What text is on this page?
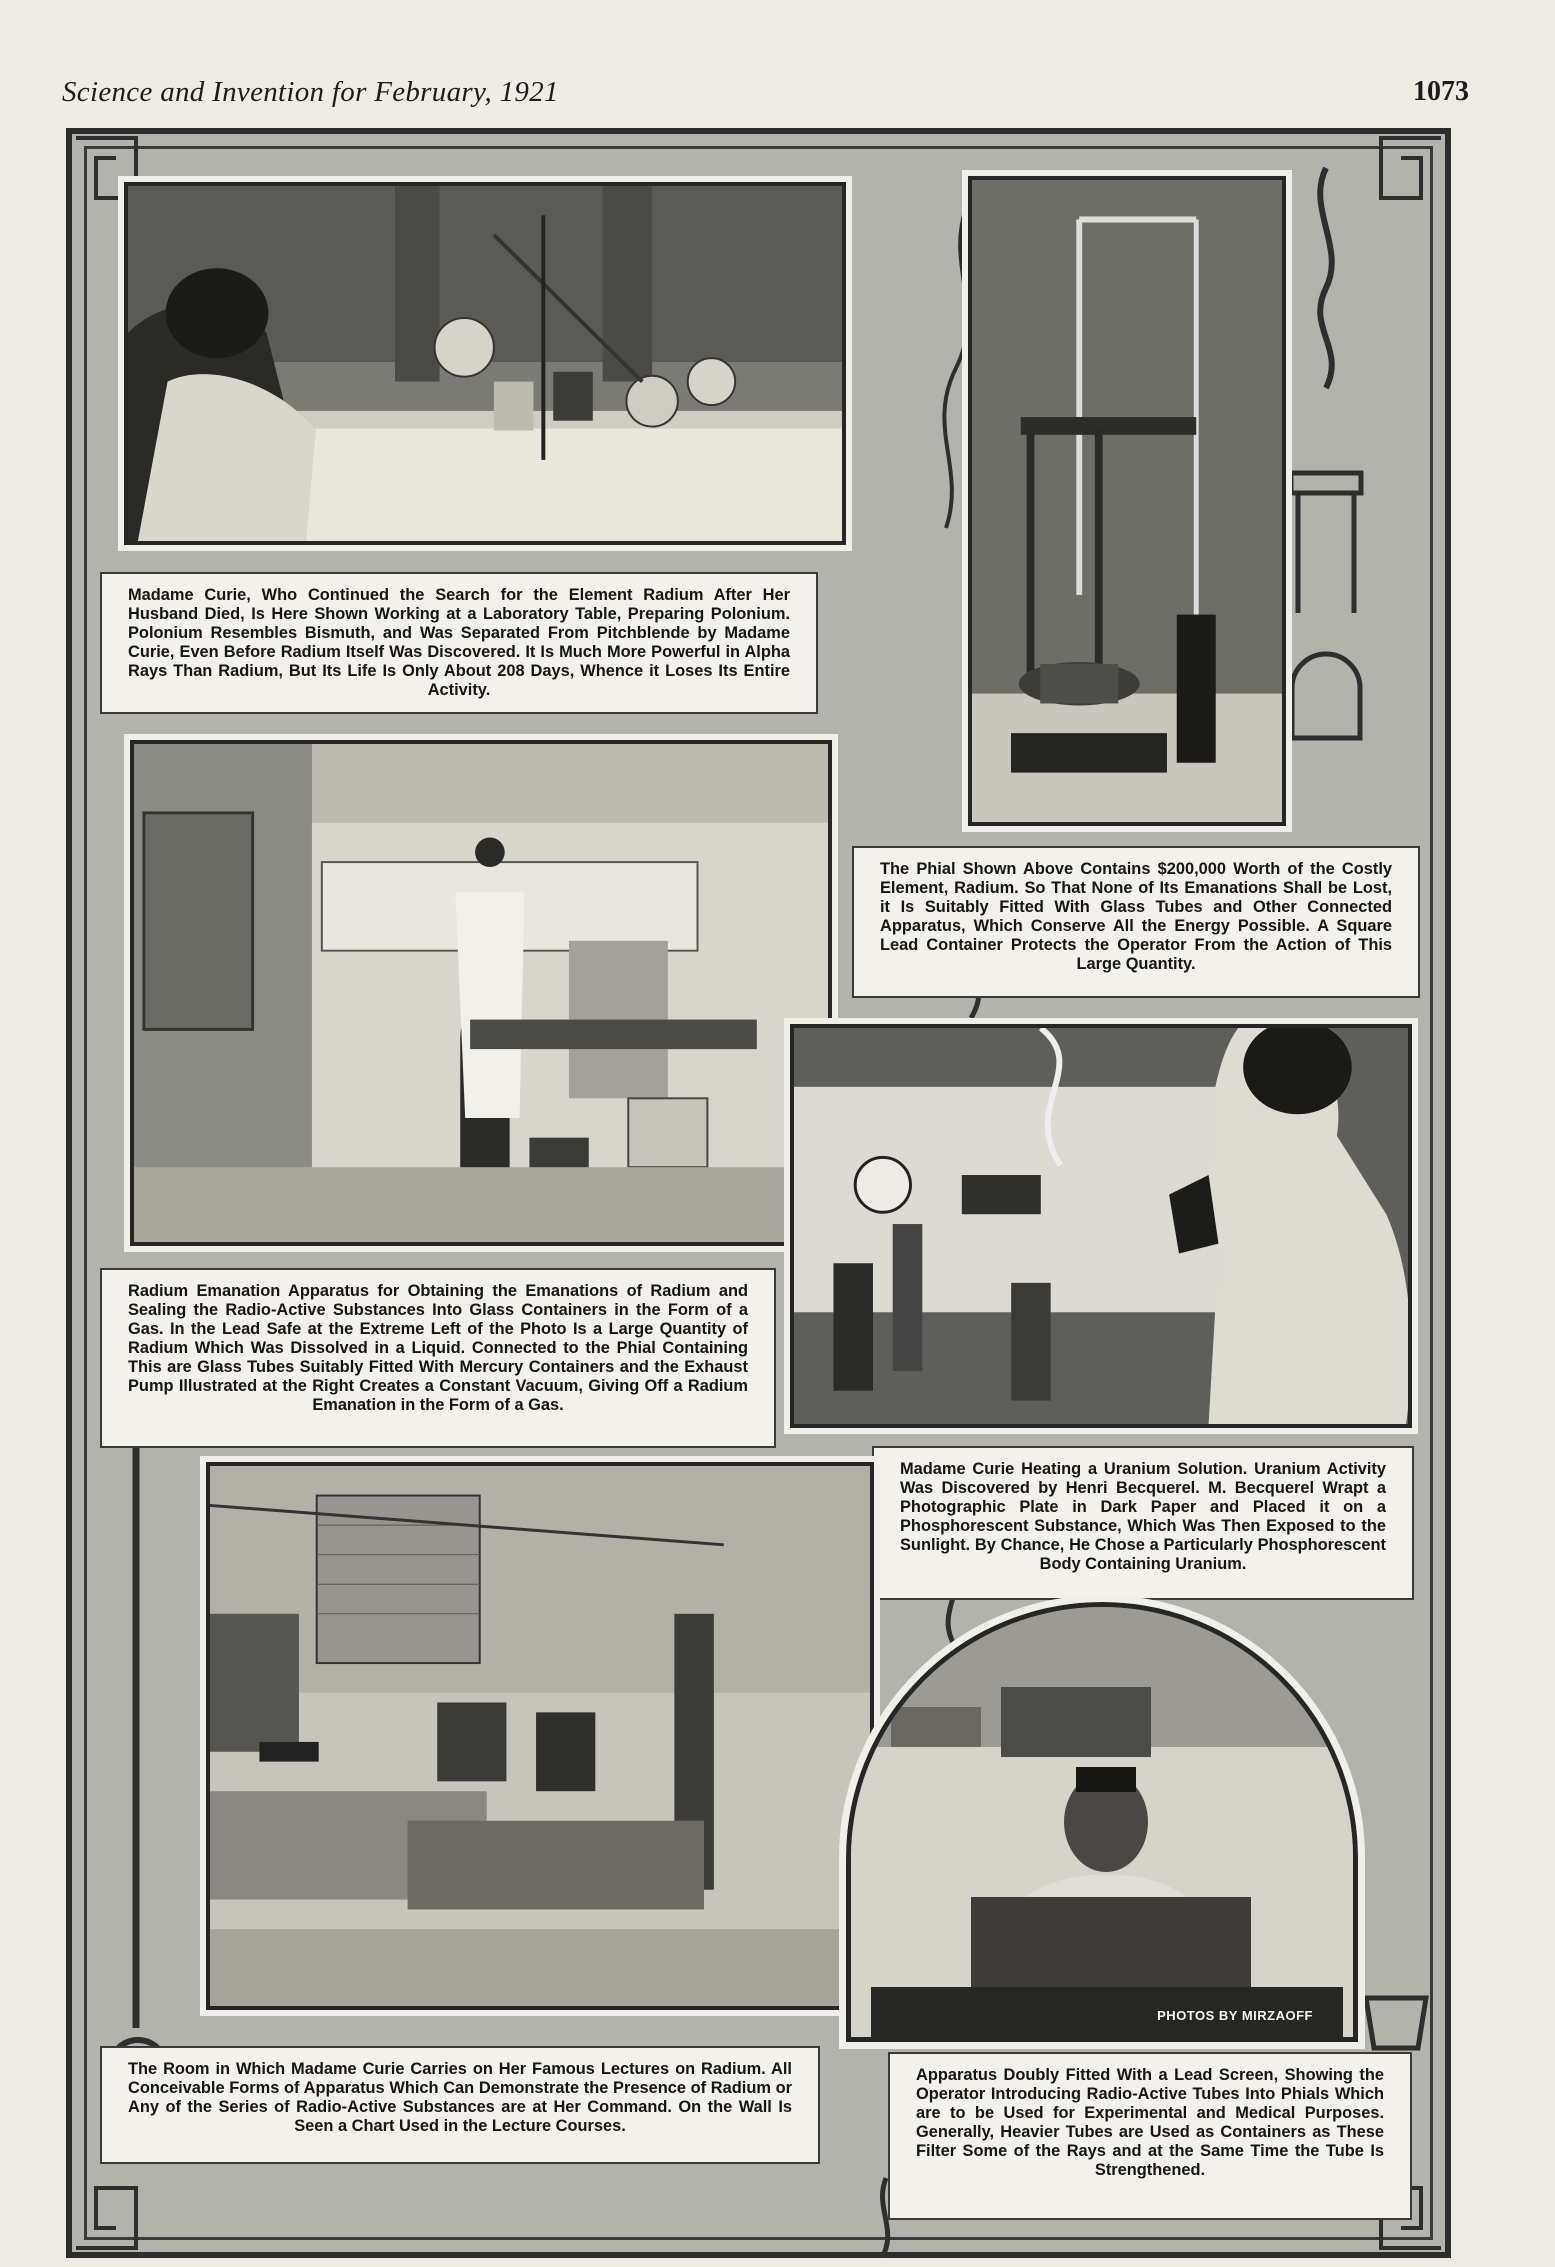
Science and Invention for February, 1921	1073
Madame Curie, Who Continued the Search for the Element Radium After Her Husband Died, Is Here Shown Working at a Laboratory Table, Preparing Polonium. Polonium Resembles Bismuth, and Was Separated From Pitchblende by Madame Curie, Even Before Radium Itself Was Discovered. It Is Much More Powerful in Alpha Rays Than Radium, But Its Life Is Only About 208 Days, Whence it Loses Its Entire Activity.
The Phial Shown Above Contains $200,000 Worth of the Costly Element, Radium. So That None of Its Emanations Shall be Lost, it Is Suitably Fitted With Glass Tubes and Other Connected Apparatus, Which Conserve All the Energy Possible. A Square Lead Container Protects the Operator From the Action of This Large Quantity.
Radium Emanation Apparatus for Obtaining the Emanations of Radium and Sealing the Radio-Active Substances Into Glass Containers in the Form of a Gas. In the Lead Safe at the Extreme Left of the Photo Is a Large Quantity of Radium Which Was Dissolved in a Liquid. Connected to the Phial Containing This are Glass Tubes Suitably Fitted With Mercury Containers and the Exhaust Pump Illustrated at the Right Creates a Constant Vacuum, Giving Off a Radium Emanation in the Form of a Gas.
Madame Curie Heating a Uranium Solution. Uranium Activity Was Discovered by Henri Becquerel. M. Becquerel Wrapt a Photographic Plate in Dark Paper and Placed it on a Phosphorescent Substance, Which Was Then Exposed to the Sunlight. By Chance, He Chose a Particularly Phosphorescent Body Containing Uranium.
PHOTOS BY MIRZAOFF
The Room in Which Madame Curie Carries on Her Famous Lectures on Radium. All Conceivable Forms of Apparatus Which Can Demonstrate the Presence of Radium or Any of the Series of Radio-Active Substances are at Her Command. On the Wall Is Seen a Chart Used in the Lecture Courses.
Apparatus Doubly Fitted With a Lead Screen, Showing the Operator Introducing Radio-Active Tubes Into Phials Which are to be Used for Experimental and Medical Purposes. Generally, Heavier Tubes are Used as Containers as These Filter Some of the Rays and at the Same Time the Tube Is Strengthened.
